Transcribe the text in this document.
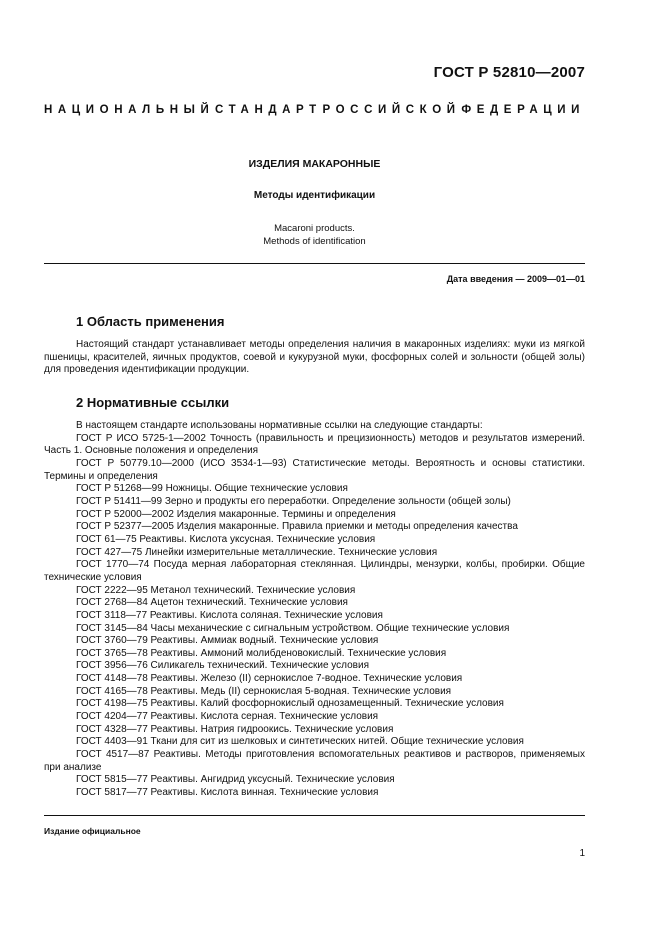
ГОСТ Р 52810—2007
НАЦИОНАЛЬНЫЙ СТАНДАРТ РОССИЙСКОЙ ФЕДЕРАЦИИ
ИЗДЕЛИЯ МАКАРОННЫЕ
Методы идентификации
Macaroni products.
Methods of identification
Дата введения — 2009—01—01
1 Область применения

Настоящий стандарт устанавливает методы определения наличия в макаронных изделиях: муки из мягкой пшеницы, красителей, яичных продуктов, соевой и кукурузной муки, фосфорных солей и зольности (общей золы) для проведения идентификации продукции.

2 Нормативные ссылки

В настоящем стандарте использованы нормативные ссылки на следующие стандарты:

ГОСТ Р ИСО 5725-1—2002 Точность (правильность и прецизионность) методов и результатов измерений. Часть 1. Основные положения и определения

ГОСТ Р 50779.10—2000 (ИСО 3534-1—93) Статистические методы. Вероятность и основы статистики. Термины и определения

ГОСТ Р 51268—99 Ножницы. Общие технические условия

ГОСТ Р 51411—99 Зерно и продукты его переработки. Определение зольности (общей золы)

ГОСТ Р 52000—2002 Изделия макаронные. Термины и определения

ГОСТ Р 52377—2005 Изделия макаронные. Правила приемки и методы определения качества

ГОСТ 61—75 Реактивы. Кислота уксусная. Технические условия

ГОСТ 427—75 Линейки измерительные металлические. Технические условия

ГОСТ 1770—74 Посуда мерная лабораторная стеклянная. Цилиндры, мензурки, колбы, пробирки. Общие технические условия

ГОСТ 2222—95 Метанол технический. Технические условия

ГОСТ 2768—84 Ацетон технический. Технические условия

ГОСТ 3118—77 Реактивы. Кислота соляная. Технические условия

ГОСТ 3145—84 Часы механические с сигнальным устройством. Общие технические условия

ГОСТ 3760—79 Реактивы. Аммиак водный. Технические условия

ГОСТ 3765—78 Реактивы. Аммоний молибденовокислый. Технические условия

ГОСТ 3956—76 Силикагель технический. Технические условия

ГОСТ 4148—78 Реактивы. Железо (II) сернокислое 7-водное. Технические условия

ГОСТ 4165—78 Реактивы. Медь (II) сернокислая 5-водная. Технические условия

ГОСТ 4198—75 Реактивы. Калий фосфорнокислый однозамещенный. Технические условия

ГОСТ 4204—77 Реактивы. Кислота серная. Технические условия

ГОСТ 4328—77 Реактивы. Натрия гидроокись. Технические условия

ГОСТ 4403—91 Ткани для сит из шелковых и синтетических нитей. Общие технические условия

ГОСТ 4517—87 Реактивы. Методы приготовления вспомогательных реактивов и растворов, применяемых при анализе

ГОСТ 5815—77 Реактивы. Ангидрид уксусный. Технические условия

ГОСТ 5817—77 Реактивы. Кислота винная. Технические условия

Издание официальное
1
